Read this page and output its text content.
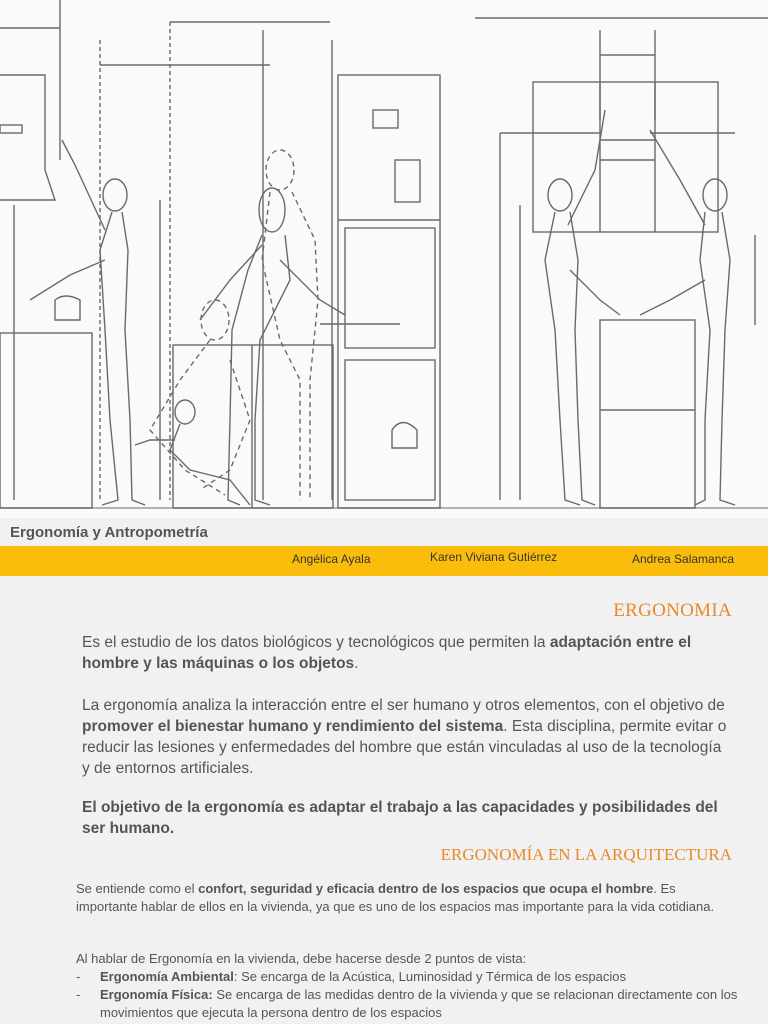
Ergonomía y Antropometría
Angélica Ayala	Karen Viviana Gutiérrez	Andrea Salamanca
ERGONOMIA

Es el estudio de los datos biológicos y tecnológicos que permiten la adaptación entre el hombre y las máquinas o los objetos.

La ergonomía analiza la interacción entre el ser humano y otros elementos, con el objetivo de promover el bienestar humano y rendimiento del sistema. Esta disciplina, permite evitar o reducir las lesiones y enfermedades del hombre que están vinculadas al uso de la tecnología y de entornos artificiales.

El objetivo de la ergonomía es adaptar el trabajo a las capacidades y posibilidades del ser humano.

ERGONOMÍA EN LA ARQUITECTURA

Se entiende como el confort, seguridad y eficacia dentro de los espacios que ocupa el hombre. Es importante hablar de ellos en la vivienda, ya que es uno de los espacios mas importante para la vida cotidiana.

Al hablar de Ergonomía en la vivienda, debe hacerse desde 2 puntos de vista:

- Ergonomía Ambiental: Se encarga de la Acústica, Luminosidad y Térmica de los espacios
- Ergonomía Física: Se encarga de las medidas dentro de la vivienda y que se relacionan directamente con los movimientos que ejecuta la persona dentro de los espacios
